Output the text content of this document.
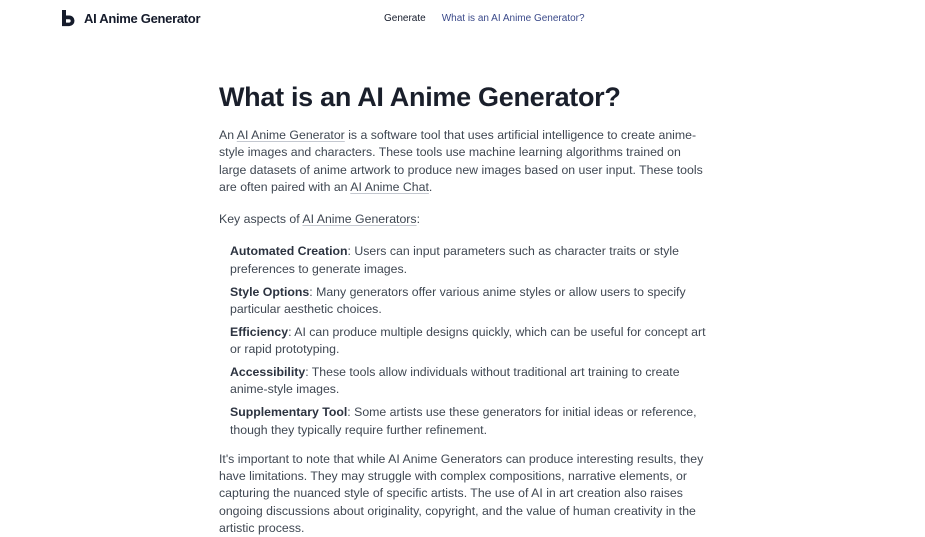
AI Anime Generator	Generate What is an AI Anime Generator?
What is an AI Anime Generator?

An AI Anime Generator is a software tool that uses artificial intelligence to create anime-style images and characters. These tools use machine learning algorithms trained on large datasets of anime artwork to produce new images based on user input. These tools are often paired with an AI Anime Chat.

Key aspects of AI Anime Generators:

Automated Creation: Users can input parameters such as character traits or style preferences to generate images.
Style Options: Many generators offer various anime styles or allow users to specify particular aesthetic choices.
Efficiency: AI can produce multiple designs quickly, which can be useful for concept art or rapid prototyping.
Accessibility: These tools allow individuals without traditional art training to create anime-style images.
Supplementary Tool: Some artists use these generators for initial ideas or reference, though they typically require further refinement.

It's important to note that while AI Anime Generators can produce interesting results, they have limitations. They may struggle with complex compositions, narrative elements, or capturing the nuanced style of specific artists. The use of AI in art creation also raises ongoing discussions about originality, copyright, and the value of human creativity in the artistic process.
